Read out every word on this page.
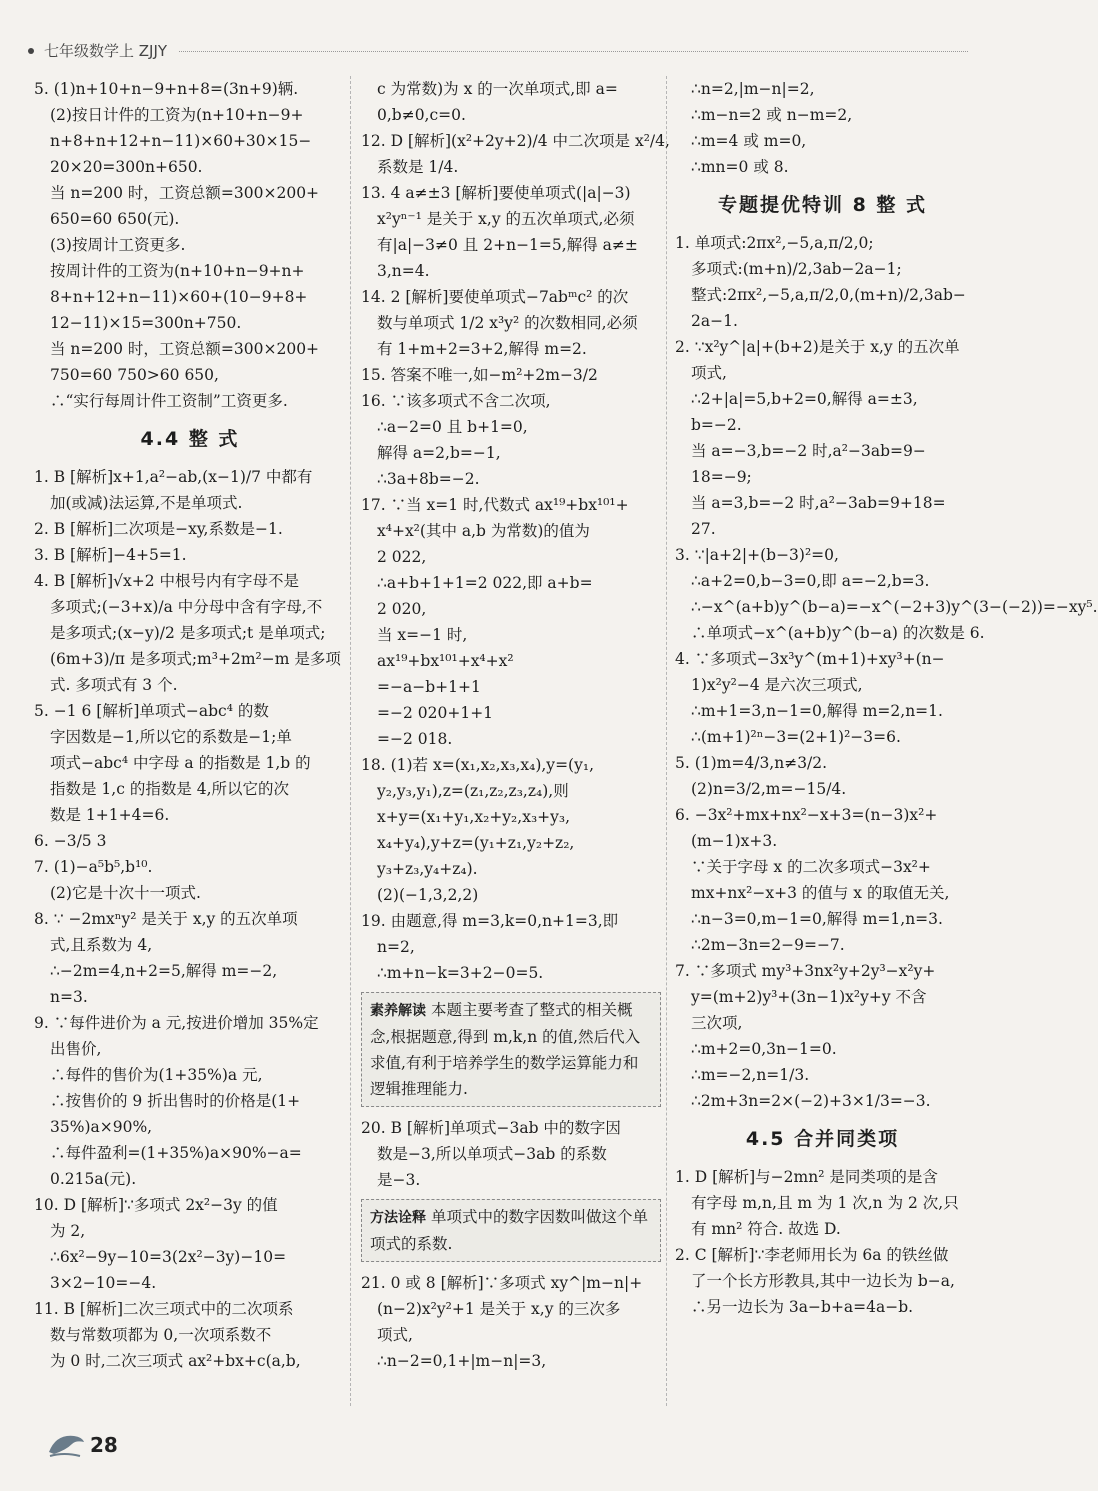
七年级数学上 ZJJY
5. (1)n+10+n−9+n+8=(3n+9)辆.
(2)按日计件的工资为(n+10+n−9+
n+8+n+12+n−11)×60+30×15−
20×20=300n+650.
当 n=200 时，工资总额=300×200+
650=60 650(元).
(3)按周计工资更多.
按周计件的工资为(n+10+n−9+n+
8+n+12+n−11)×60+(10−9+8+
12−11)×15=300n+750.
当 n=200 时，工资总额=300×200+
750=60 750>60 650,
∴“实行每周计件工资制”工资更多.
4.4 整 式
1. B [解析]x+1,a²−ab,(x−1)/7 中都有
加(或减)法运算,不是单项式.
2. B [解析]二次项是−xy,系数是−1.
3. B [解析]−4+5=1.
4. B [解析]√x+2 中根号内有字母不是
多项式;(−3+x)/a 中分母中含有字母,不
是多项式;(x−y)/2 是多项式;t 是单项式;
(6m+3)/π 是多项式;m³+2m²−m 是多项
式. 多项式有 3 个.
5. −1 6 [解析]单项式−abc⁴ 的数
字因数是−1,所以它的系数是−1;单
项式−abc⁴ 中字母 a 的指数是 1,b 的
指数是 1,c 的指数是 4,所以它的次
数是 1+1+4=6.
6. −3/5 3
7. (1)−a⁵b⁵,b¹⁰.
(2)它是十次十一项式.
8. ∵ −2mxⁿy² 是关于 x,y 的五次单项
式,且系数为 4,
∴−2m=4,n+2=5,解得 m=−2,
n=3.
9. ∵每件进价为 a 元,按进价增加 35%定
出售价,
∴每件的售价为(1+35%)a 元,
∴按售价的 9 折出售时的价格是(1+
35%)a×90%,
∴每件盈利=(1+35%)a×90%−a=
0.215a(元).
10. D [解析]∵多项式 2x²−3y 的值
为 2,
∴6x²−9y−10=3(2x²−3y)−10=
3×2−10=−4.
11. B [解析]二次三项式中的二次项系
数与常数项都为 0,一次项系数不
为 0 时,二次三项式 ax²+bx+c(a,b,
c 为常数)为 x 的一次单项式,即 a=
0,b≠0,c=0.
12. D [解析](x²+2y+2)/4 中二次项是 x²/4,
系数是 1/4.
13. 4 a≠±3 [解析]要使单项式(|a|−3)
x²yⁿ⁻¹ 是关于 x,y 的五次单项式,必须
有|a|−3≠0 且 2+n−1=5,解得 a≠±
3,n=4.
14. 2 [解析]要使单项式−7abᵐc² 的次
数与单项式 1/2 x³y² 的次数相同,必须
有 1+m+2=3+2,解得 m=2.
15. 答案不唯一,如−m²+2m−3/2
16. ∵该多项式不含二次项,
∴a−2=0 且 b+1=0,
解得 a=2,b=−1,
∴3a+8b=−2.
17. ∵当 x=1 时,代数式 ax¹⁹+bx¹⁰¹+
x⁴+x²(其中 a,b 为常数)的值为
2 022,
∴a+b+1+1=2 022,即 a+b=
2 020,
当 x=−1 时,
ax¹⁹+bx¹⁰¹+x⁴+x²
=−a−b+1+1
=−2 020+1+1
=−2 018.
18. (1)若 x=(x₁,x₂,x₃,x₄),y=(y₁,
y₂,y₃,y₁),z=(z₁,z₂,z₃,z₄),则
x+y=(x₁+y₁,x₂+y₂,x₃+y₃,
x₄+y₄),y+z=(y₁+z₁,y₂+z₂,
y₃+z₃,y₄+z₄).
(2)(−1,3,2,2)
19. 由题意,得 m=3,k=0,n+1=3,即
n=2,
∴m+n−k=3+2−0=5.
素养解读 本题主要考查了整式的相关概念,根据题意,得到 m,k,n 的值,然后代入求值,有利于培养学生的数学运算能力和逻辑推理能力.
20. B [解析]单项式−3ab 中的数字因
数是−3,所以单项式−3ab 的系数
是−3.
方法诠释 单项式中的数字因数叫做这个单项式的系数.
21. 0 或 8 [解析]∵多项式 xy^|m−n|+
(n−2)x²y²+1 是关于 x,y 的三次多
项式,
∴n−2=0,1+|m−n|=3,
∴n=2,|m−n|=2,
∴m−n=2 或 n−m=2,
∴m=4 或 m=0,
∴mn=0 或 8.
专题提优特训 8 整 式
1. 单项式:2πx²,−5,a,π/2,0;
多项式:(m+n)/2,3ab−2a−1;
整式:2πx²,−5,a,π/2,0,(m+n)/2,3ab−
2a−1.
2. ∵x²y^|a|+(b+2)是关于 x,y 的五次单
项式,
∴2+|a|=5,b+2=0,解得 a=±3,
b=−2.
当 a=−3,b=−2 时,a²−3ab=9−
18=−9;
当 a=3,b=−2 时,a²−3ab=9+18=
27.
3. ∵|a+2|+(b−3)²=0,
∴a+2=0,b−3=0,即 a=−2,b=3.
∴−x^(a+b)y^(b−a)=−x^(−2+3)y^(3−(−2))=−xy⁵.
∴单项式−x^(a+b)y^(b−a) 的次数是 6.
4. ∵多项式−3x³y^(m+1)+xy³+(n−
1)x²y²−4 是六次三项式,
∴m+1=3,n−1=0,解得 m=2,n=1.
∴(m+1)²ⁿ−3=(2+1)²−3=6.
5. (1)m=4/3,n≠3/2.
(2)n=3/2,m=−15/4.
6. −3x²+mx+nx²−x+3=(n−3)x²+
(m−1)x+3.
∵关于字母 x 的二次多项式−3x²+
mx+nx²−x+3 的值与 x 的取值无关,
∴n−3=0,m−1=0,解得 m=1,n=3.
∴2m−3n=2−9=−7.
7. ∵多项式 my³+3nx²y+2y³−x²y+
y=(m+2)y³+(3n−1)x²y+y 不含
三次项,
∴m+2=0,3n−1=0.
∴m=−2,n=1/3.
∴2m+3n=2×(−2)+3×1/3=−3.
4.5 合并同类项
1. D [解析]与−2mn² 是同类项的是含
有字母 m,n,且 m 为 1 次,n 为 2 次,只
有 mn² 符合. 故选 D.
2. C [解析]∵李老师用长为 6a 的铁丝做
了一个长方形教具,其中一边长为 b−a,
∴另一边长为 3a−b+a=4a−b.
28
